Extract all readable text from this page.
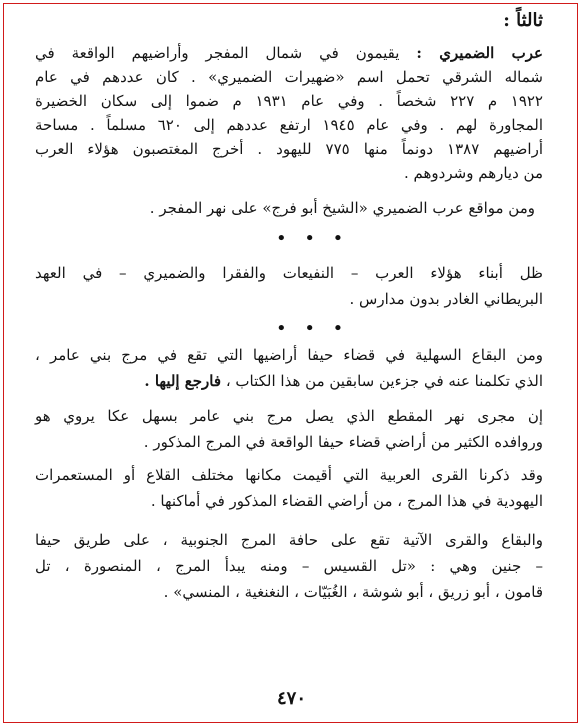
ثالثاً :
عرب الضميري : يقيمون في شمال المفجر وأراضيهم الواقعة في
شماله الشرقي تحمل اسم «ضهيرات الضميري» . كان عددهم في عام
١٩٢٢ م ٢٢٧ شخصاً . وفي عام ١٩٣١ م ضموا إلى سكان الخضيرة
المجاورة لهم . وفي عام ١٩٤٥ ارتفع عددهم إلى ٦٢٠ مسلماً . مساحة
أراضيهم ١٣٨٧ دونماً منها ٧٧٥ لليهود . أخرج المغتصبون هؤلاء العرب
من ديارهم وشردوهم .
ومن مواقع عرب الضميري «الشيخ أبو فرج» على نهر المفجر .
• • •
ظل أبناء هؤلاء العرب – النفيعات والفقرا والضميري – في العهد
البريطاني الغادر بدون مدارس .
• • •
ومن البقاع السهلية في قضاء حيفا أراضيها التي تقع في مرج بني عامر ،
الذي تكلمنا عنه في جزءين سابقين من هذا الكتاب ، فارجع إليها .
إن مجرى نهر المقطع الذي يصل مرج بني عامر بسهل عكا يروي هو
وروافده الكثير من أراضي قضاء حيفا الواقعة في المرج المذكور .
وقد ذكرنا القرى العربية التي أقيمت مكانها مختلف القلاع أو المستعمرات
اليهودية في هذا المرج ، من أراضي القضاء المذكور في أماكنها .
والبقاع والقرى الآتية تقع على حافة المرج الجنوبية ، على طريق حيفا
– جنين وهي : «تل القسيس – ومنه يبدأ المرج ، المنصورة ، تل
قامون ، أبو زريق ، أبو شوشة ، الغُبَيّات ، النغنغية ، المنسي» .
٤٧٠
